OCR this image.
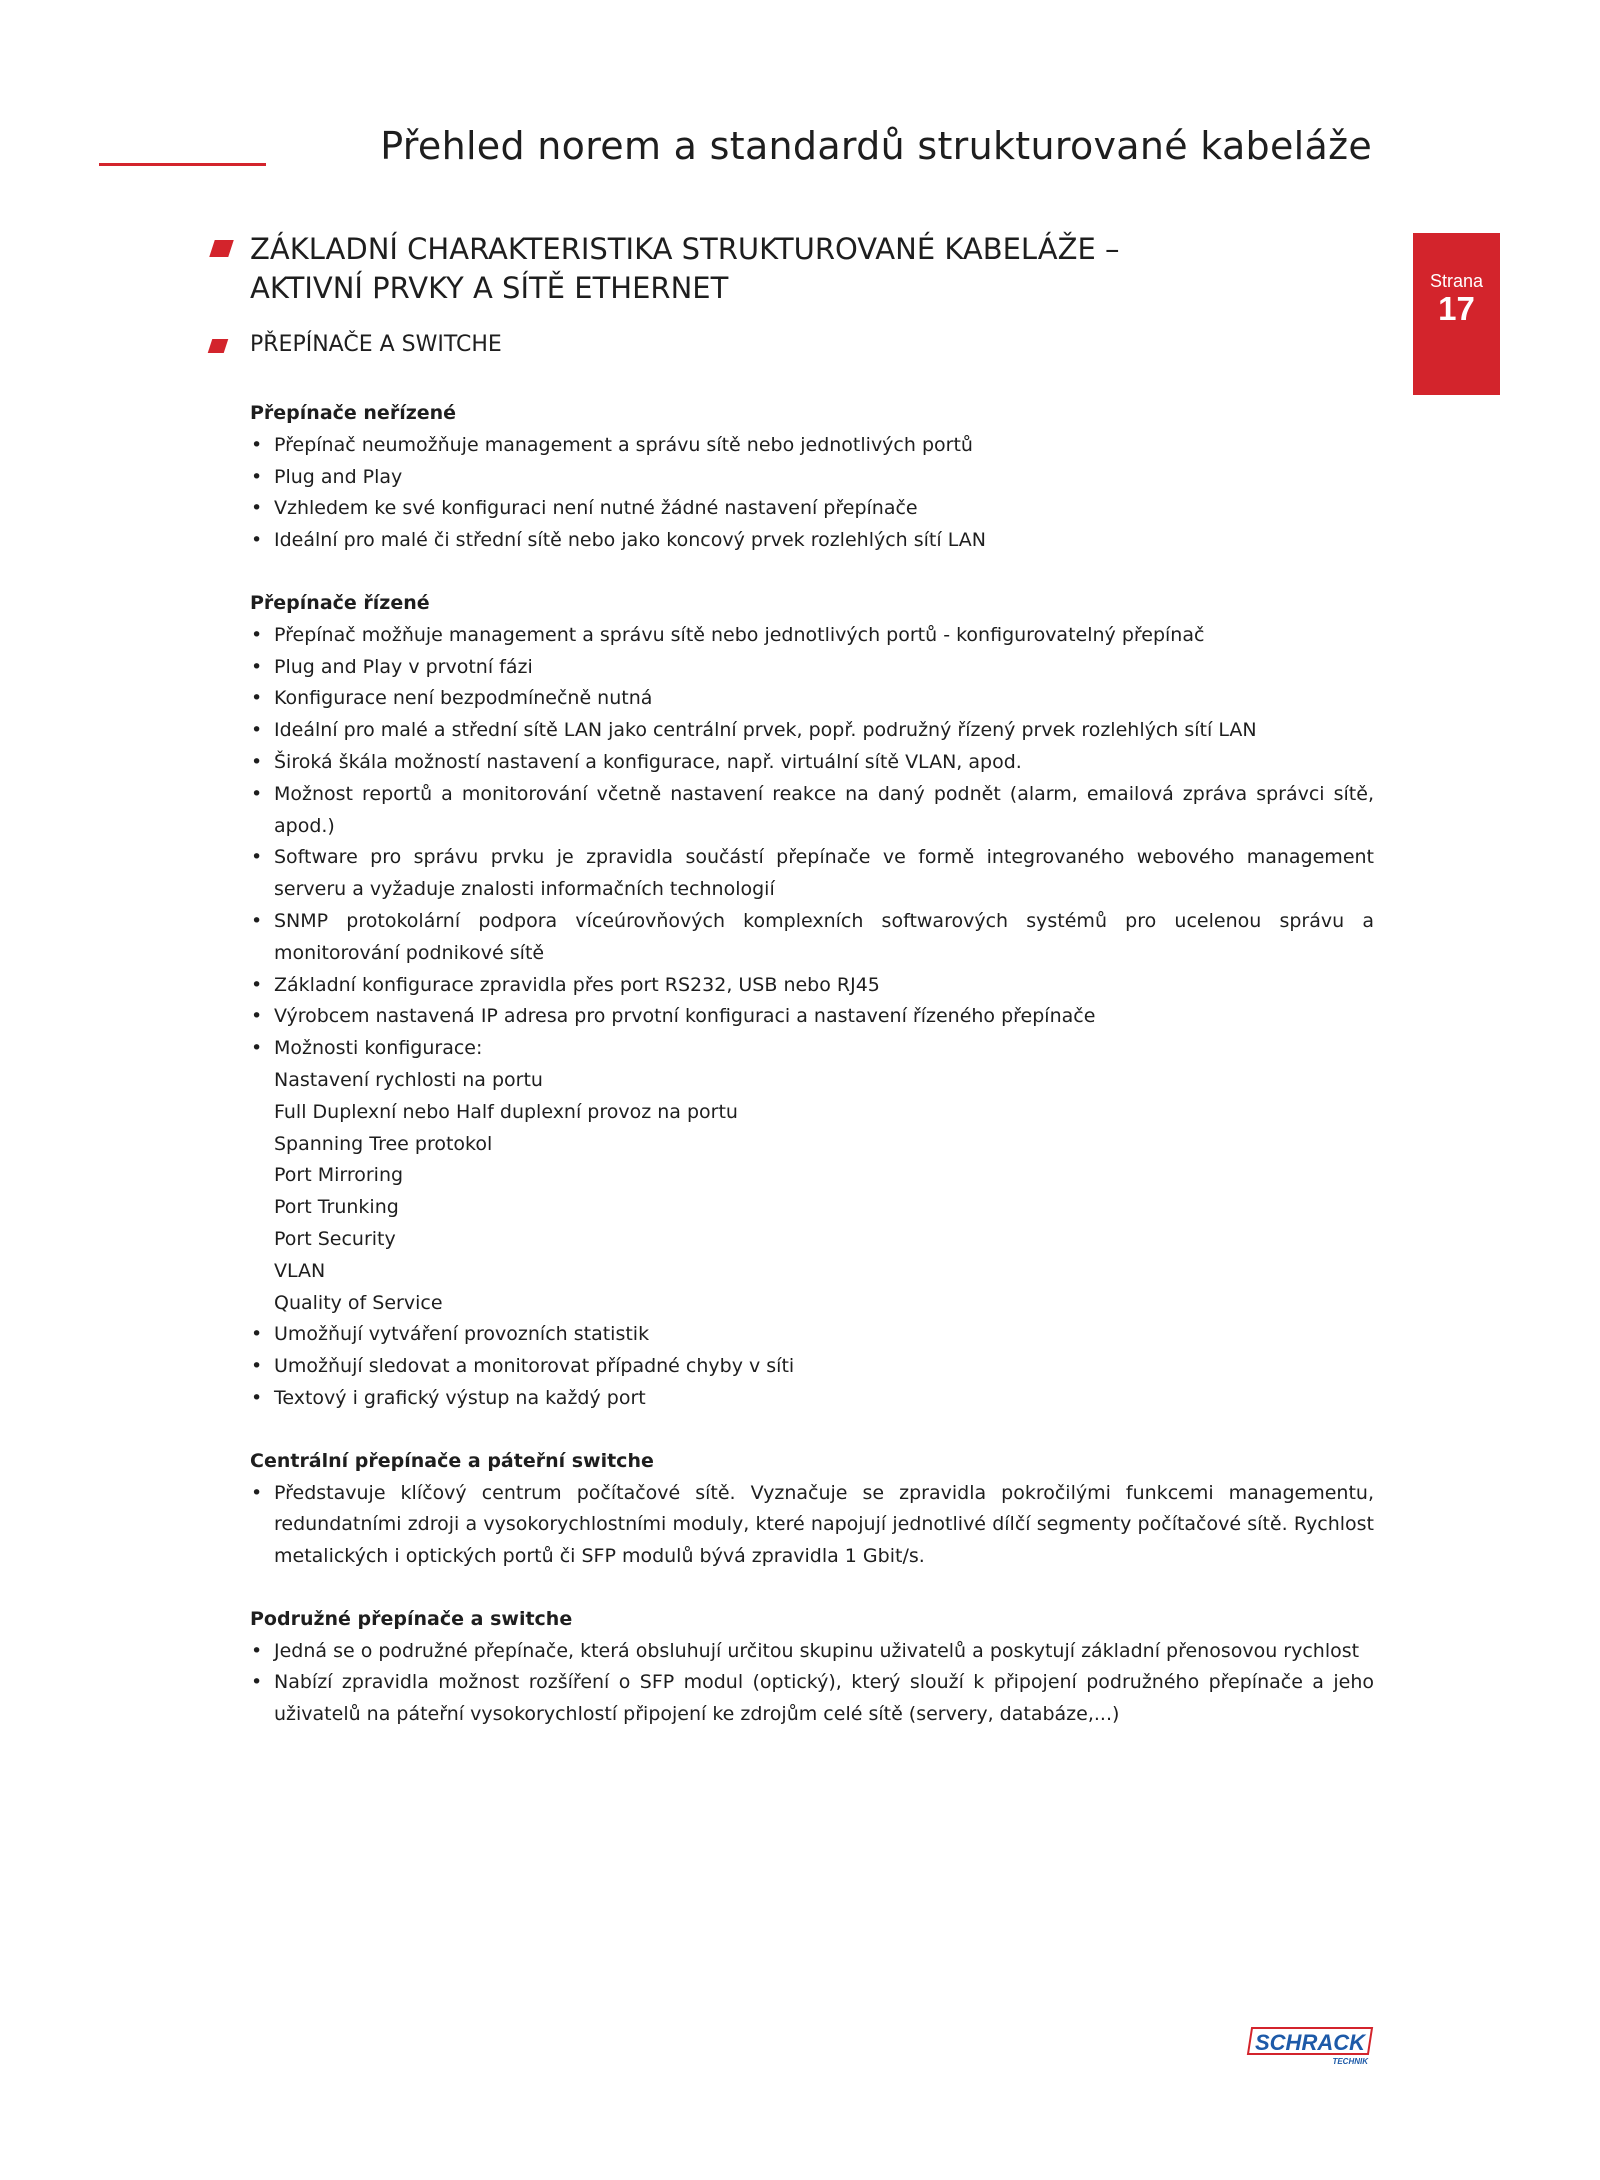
Přehled norem a standardů strukturované kabeláže
Strana
17
ZÁKLADNÍ CHARAKTERISTIKA STRUKTUROVANÉ KABELÁŽE –
AKTIVNÍ PRVKY A SÍTĚ ETHERNET
PŘEPÍNAČE A SWITCHE
Přepínače neřízené
• Přepínač neumožňuje management a správu sítě nebo jednotlivých portů
• Plug and Play
• Vzhledem ke své konfiguraci není nutné žádné nastavení přepínače
• Ideální pro malé či střední sítě nebo jako koncový prvek rozlehlých sítí LAN
Přepínače řízené
• Přepínač možňuje management a správu sítě nebo jednotlivých portů - konfigurovatelný přepínač
• Plug and Play v prvotní fázi
• Konfigurace není bezpodmínečně nutná
• Ideální pro malé a střední sítě LAN jako centrální prvek, popř. podružný řízený prvek rozlehlých sítí LAN
• Široká škála možností nastavení a konfigurace, např. virtuální sítě VLAN, apod.
• Možnost reportů a monitorování včetně nastavení reakce na daný podnět (alarm, emailová zpráva správci sítě, apod.)
• Software pro správu prvku je zpravidla součástí přepínače ve formě integrovaného webového management serveru a vyžaduje znalosti informačních technologií
• SNMP protokolární podpora víceúrovňových komplexních softwarových systémů pro ucelenou správu a monitorování podnikové sítě
• Základní konfigurace zpravidla přes port RS232, USB nebo RJ45
• Výrobcem nastavená IP adresa pro prvotní konfiguraci a nastavení řízeného přepínače
• Možnosti konfigurace:
Nastavení rychlosti na portu
Full Duplexní nebo Half duplexní provoz na portu
Spanning Tree protokol
Port Mirroring
Port Trunking
Port Security
VLAN
Quality of Service
• Umožňují vytváření provozních statistik
• Umožňují sledovat a monitorovat případné chyby v síti
• Textový i grafický výstup na každý port
Centrální přepínače a páteřní switche
• Představuje klíčový centrum počítačové sítě. Vyznačuje se zpravidla pokročilými funkcemi managementu, redundatními zdroji a vysokorychlostními moduly, které napojují jednotlivé dílčí segmenty počítačové sítě. Rychlost metalických i optických portů či SFP modulů bývá zpravidla 1 Gbit/s.
Podružné přepínače a switche
• Jedná se o podružné přepínače, která obsluhují určitou skupinu uživatelů a poskytují základní přenosovou rychlost
• Nabízí zpravidla možnost rozšíření o SFP modul (optický), který slouží k připojení podružného přepínače a jeho uživatelů na páteřní vysokorychlostí připojení ke zdrojům celé sítě (servery, databáze,...)
SCHRACK
TECHNIK
